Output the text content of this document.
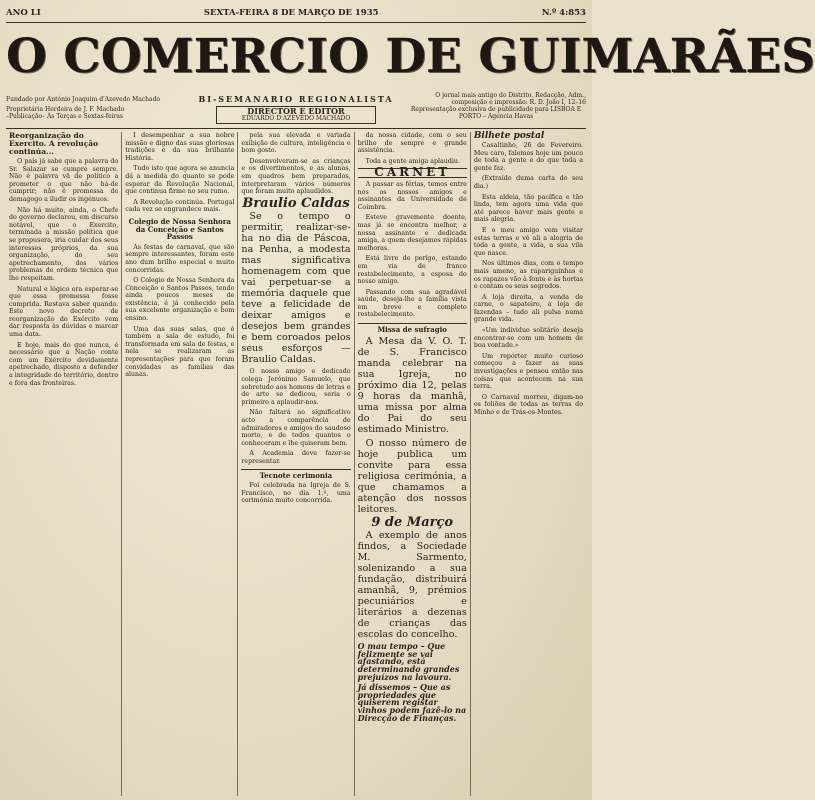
ANO LI	SEXTA-FEIRA 8 DE MARÇO DE 1935	N.º 4:853
O COMERCIO DE GUIMARÃES
Fundado por António Joaquim d'Azevedo Machado	BI-SEMANARIO REGIONALISTA	O jornal mais antigo do Distrito. Redacção, Adm., composição e impressão: R. D. João I, 12–16
Proprietária Herdeira de J. F. Machado
–Publicação– Às Terças e Sextas-feiras
DIRECTOR E EDITOR
EDUARDO D'AZEVEDO MACHADO
Representação exclusiva de publicidade para LISBOA E PORTO – Agencia Havas
Reorganização do Exercito. A revolução continúa...

O país já sabe que a palavra do Sr. Salazar se cumpre sempre. Não é palavra vã de político a prometer o que não há-de cumprir; não é promessa de demagogo a iludir os ingénuos.

Não há muito, ainda, o Chefe do governo declarou, em discurso notável, que o Exercito, terminada a missão política que se propusera, iria cuidar dos seus interesses próprios, da sua organização, do seu apetrechamento, dos vários problemas de ordem técnica que lhe respeitam.

Natural e lógico era esperar-se que essa promessa fosse cumprida. Restava saber quando. Este novo decreto de reorganização do Exército vem dar resposta às dúvidas e marcar uma data.

E hoje, mais do que nunca, é necessário que a Nação conte com um Exército devidamente apetrechado, disposto a defender a integridade do território, dentro e fora das fronteiras.

I desempenhar a sua nobre missão e digno das suas gloriosas tradições e da sua brilhante História.

Tudo isto que agora se anuncia dá a medida do quanto se pode esperar da Revolução Nacional, que continua firme no seu rumo.

A Revolução continúa. Portugal cada vez se engrandece mais.

Colegio de Nossa Senhora da Conceição e Santos Passos

As festas do carnaval, que são sempre interessantes, foram este ano dum brilho especial e muito concorridas.

O Colegio de Nossa Senhora da Conceição e Santos Passos, tendo ainda poucos meses de existência, é já conhecido pela sua excelente organização e bom ensino.

Uma das suas salas, que é também a sala de estudo, foi transformada em sala de festas, e nela se realizaram as representações para que foram convidadas as famílias das alunas.

pela sua elevada e variada exibição de cultura, inteligência e bom gosto.

Desenvolveram-se as crianças e os divertimentos, e as alunas, em quadros bem preparados, interpretaram vários números que foram muito aplaudidos.

Braulio Caldas

Se o tempo o permitir, realizar-se-ha no dia de Páscoa, na Penha, a modesta mas significativa homenagem com que vai perpetuar-se a memória daquele que teve a felicidade de deixar amigos e desejos bem grandes e bem coroados pelos seus esforços — Braulio Caldas.

O nosso amigo e dedicado colega Jerónimo Samuelo, que sobretudo aos homens de letras e de arte se dedicou, seria o primeiro a aplaudir-nos.

Não faltará ao significativo acto a comparência de admiradores e amigos do saudoso morto, e de todos quantos o conheceram e lhe quiseram bem.

A Academia deve fazer-se representar.

Tecnote cerimonia

Foi celebrada na Igreja de S. Francisco, no dia 1.º, uma cerimónia muito concorrida.

da nossa cidade, com o seu brilho de sempre e grande assistência.

Toda a gente amiga aplaudiu.

CARNET

A passar as férias, temos entre nós os nossos amigos e assinantes da Universidade de Coimbra.

Esteve gravemente doente, mas já se encontra melhor, a nossa assinante e dedicada amiga, a quem desejamos rápidas melhoras.

Está livre de perigo, estando em via de franco restabelecimento, a esposa do nosso amigo.

Passando com sua agradável saúde, deseja-lhe a família vista em breve e completo restabelecimento.

Missa de sufragio

A Mesa da V. O. T. de S. Francisco manda celebrar na sua Igreja, no próximo dia 12, pelas 9 horas da manhã, uma missa por alma do Pai do seu estimado Ministro.

O nosso número de hoje publica um convite para essa religiosa cerimónia, a que chamamos a atenção dos nossos leitores.

9 de Março

A exemplo de anos findos, a Sociedade M. Sarmento, solenizando a sua fundação, distribuirá amanhã, 9, prémios pecuniários e literários a dezenas de crianças das escolas do concelho.

O mau tempo – Que felizmente se vai afastando, está determinando grandes prejuízos na lavoura.
Já dissemos – Que as propriedades que quiserem registar vinhos podem fazê-lo na Direcção de Finanças.
Bilhete postal

Casaltinho, 26 de Fevereiro. Meu caro, falemos hoje um pouco de toda a gente e do que toda a gente faz.

(Extraído duma carta do seu dia.)

Esta aldeia, tão pacífica e tão linda, tem agora uma vida que até parece haver mais gente e mais alegria.

E o meu amigo vem visitar estas terras e vê ali a alegria de toda a gente, a vida, a sua vila que nasce.

Nos últimos dias, com o tempo mais ameno, as rapariguinhas e os rapazes vão à fonte e às hortas e contam os seus segredos.

A loja direita, a venda de carne, o sapateiro, a loja de fazendas – tudo ali pulsa numa grande vida.

«Um individuo solitário deseja encontrar-se com um homem de boa vontade.»

Um repórter muito curioso começou a fazer as suas investigações e pensou então nas coisas que acontecem na sua terra.

O Carnaval morreu, digam-no os foliões de todas as terras do Minho e de Trás-os-Montes.
